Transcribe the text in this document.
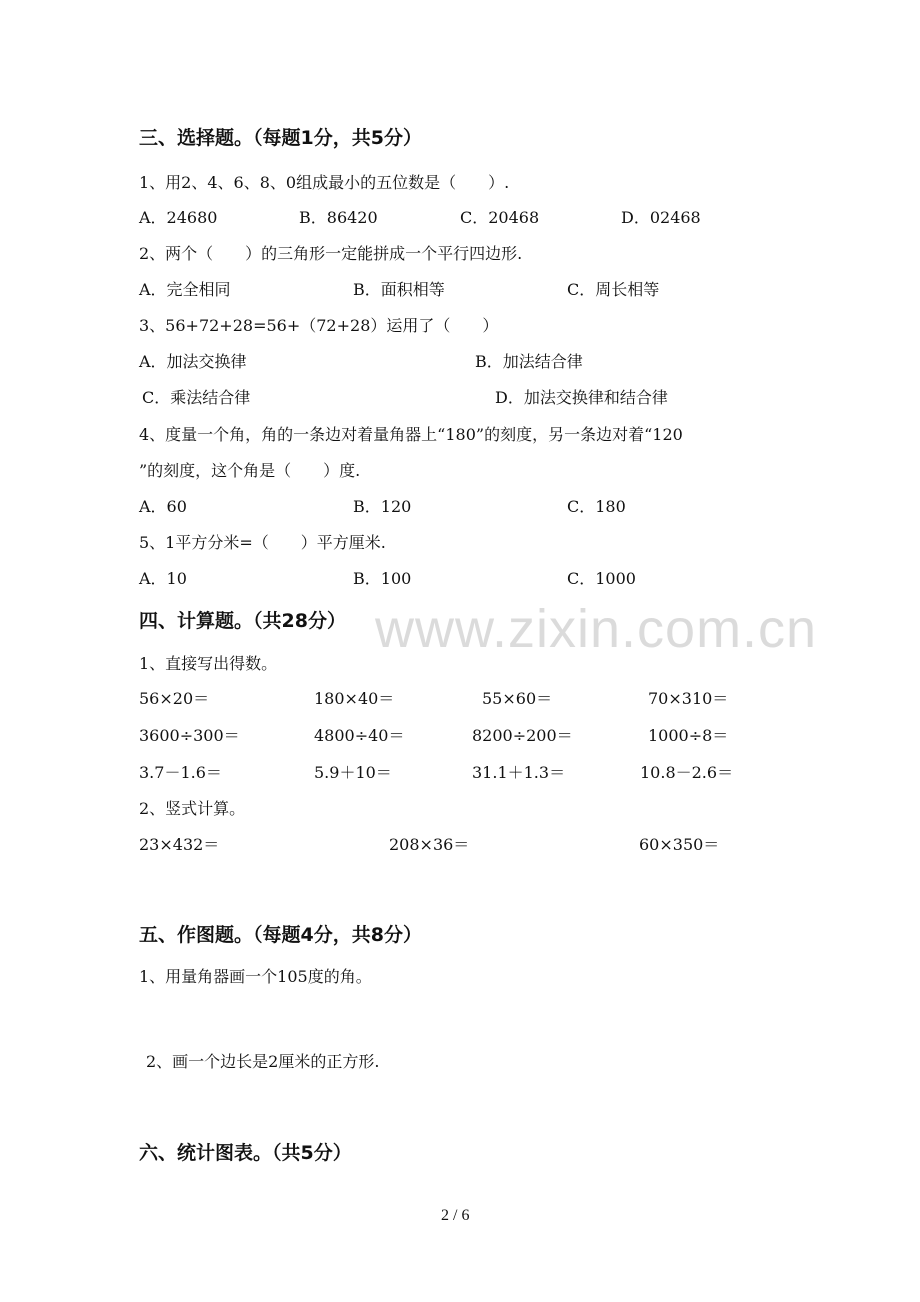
三、选择题。（每题1分，共5分）
1、用2、4、6、8、0组成最小的五位数是（　　）.
A．24680	B．86420	C．20468	D．02468
2、两个（　　）的三角形一定能拼成一个平行四边形.
A．完全相同	B．面积相等	C．周长相等
3、56+72+28=56+（72+28）运用了（　　）
A．加法交换律	B．加法结合律
C．乘法结合律	D．加法交换律和结合律
4、度量一个角，角的一条边对着量角器上“180”的刻度，另一条边对着“120
”的刻度，这个角是（　　）度.
A．60	B．120	C．180
5、1平方分米=（　　）平方厘米.
A．10	B．100	C．1000
四、计算题。（共28分）
1、直接写出得数。
56×20＝	180×40＝	55×60＝	70×310＝
3600÷300＝	4800÷40＝	8200÷200＝	1000÷8＝
3.7－1.6＝	5.9＋10＝	31.1＋1.3＝	10.8－2.6＝
2、竖式计算。
23×432＝	208×36＝	60×350＝
五、作图题。（每题4分，共8分）
1、用量角器画一个105度的角。
2、画一个边长是2厘米的正方形.
六、统计图表。（共5分）
www.zixin.com.cn
2 / 6
